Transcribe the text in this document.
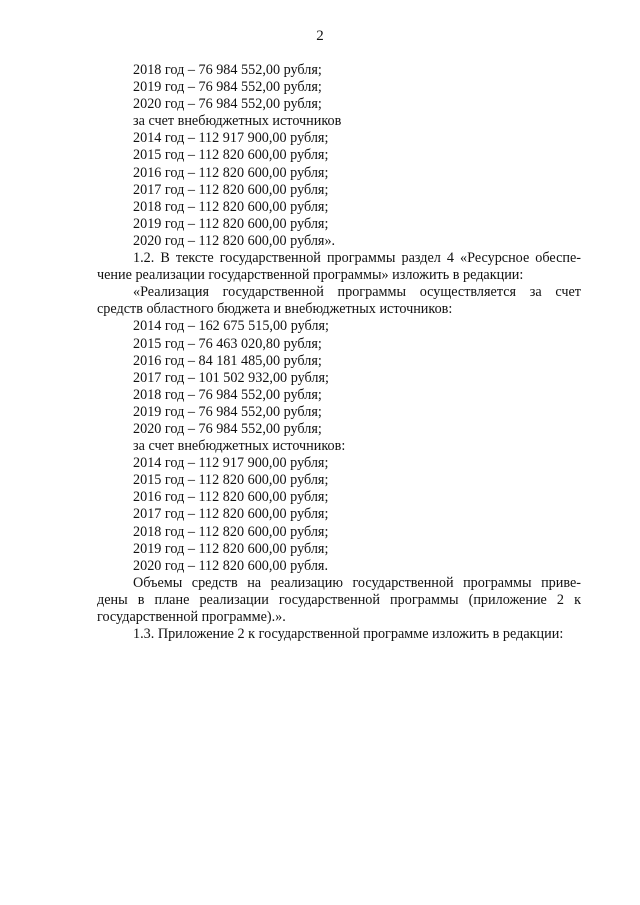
2
2018 год – 76 984 552,00 рубля;
2019 год – 76 984 552,00 рубля;
2020 год – 76 984 552,00 рубля;
за счет внебюджетных источников
2014 год – 112 917 900,00 рубля;
2015 год – 112 820 600,00 рубля;
2016 год – 112 820 600,00 рубля;
2017 год – 112 820 600,00 рубля;
2018 год – 112 820 600,00 рубля;
2019 год – 112 820 600,00 рубля;
2020 год – 112 820 600,00 рубля».
1.2. В тексте государственной программы раздел 4 «Ресурсное обеспе-
чение реализации государственной программы» изложить в редакции:
«Реализация государственной программы осуществляется за счет
средств областного бюджета и внебюджетных источников:
2014 год – 162 675 515,00 рубля;
2015 год – 76 463 020,80 рубля;
2016 год – 84 181 485,00 рубля;
2017 год – 101 502 932,00 рубля;
2018 год – 76 984 552,00 рубля;
2019 год – 76 984 552,00 рубля;
2020 год – 76 984 552,00 рубля;
за счет внебюджетных источников:
2014 год – 112 917 900,00 рубля;
2015 год – 112 820 600,00 рубля;
2016 год – 112 820 600,00 рубля;
2017 год – 112 820 600,00 рубля;
2018 год – 112 820 600,00 рубля;
2019 год – 112 820 600,00 рубля;
2020 год – 112 820 600,00 рубля.
Объемы средств на реализацию государственной программы приве-
дены в плане реализации государственной программы (приложение 2 к
государственной программе).».
1.3. Приложение 2 к государственной программе изложить в редакции:
